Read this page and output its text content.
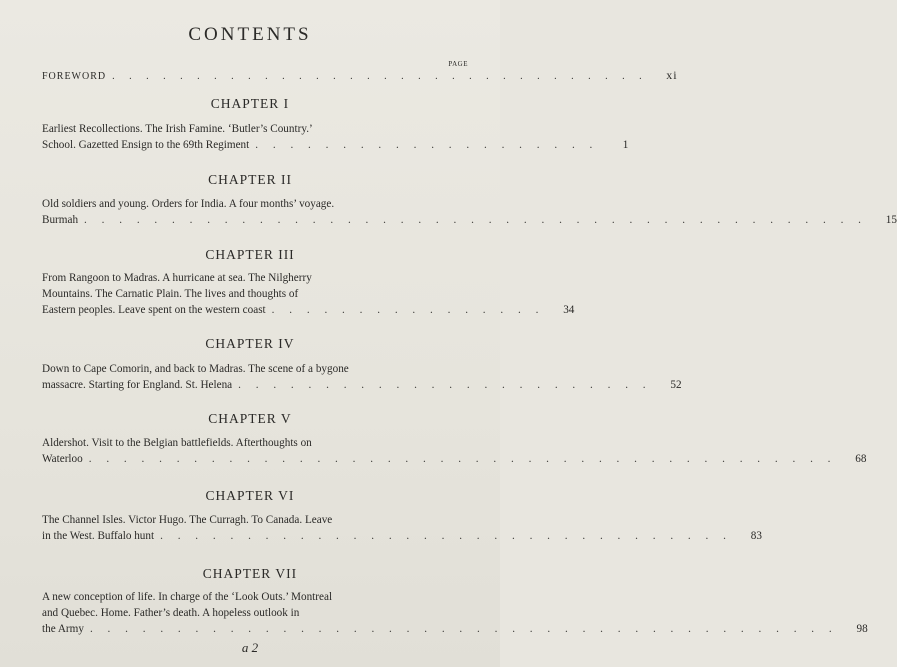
CONTENTS
PAGE
FOREWORD . . . . . . . . . . . . . . . . . . . . . . . . . . . . . . . .	xi
CHAPTER I
Earliest Recollections. The Irish Famine. ‘Butler’s Country.’
School. Gazetted Ensign to the 69th Regiment . . . . . . . . . . . . . . . . . . . .	1
CHAPTER II
Old soldiers and young. Orders for India. A four months’ voyage.
Burmah . . . . . . . . . . . . . . . . . . . . . . . . . . . . . . . . . . . . . . . . . . . . .	15
CHAPTER III
From Rangoon to Madras. A hurricane at sea. The Nilgherry
Mountains. The Carnatic Plain. The lives and thoughts of
Eastern peoples. Leave spent on the western coast . . . . . . . . . . . . . . . .	34
CHAPTER IV
Down to Cape Comorin, and back to Madras. The scene of a bygone
massacre. Starting for England. St. Helena . . . . . . . . . . . . . . . . . . . . . . . .	52
CHAPTER V
Aldershot. Visit to the Belgian battlefields. Afterthoughts on
Waterloo . . . . . . . . . . . . . . . . . . . . . . . . . . . . . . . . . . . . . . . . . . .	68
CHAPTER VI
The Channel Isles. Victor Hugo. The Curragh. To Canada. Leave
in the West. Buffalo hunt . . . . . . . . . . . . . . . . . . . . . . . . . . . . . . . . .	83
CHAPTER VII
A new conception of life. In charge of the ‘Look Outs.’ Montreal
and Quebec. Home. Father’s death. A hopeless outlook in
the Army . . . . . . . . . . . . . . . . . . . . . . . . . . . . . . . . . . . . . . . . . . .	98
a 2
